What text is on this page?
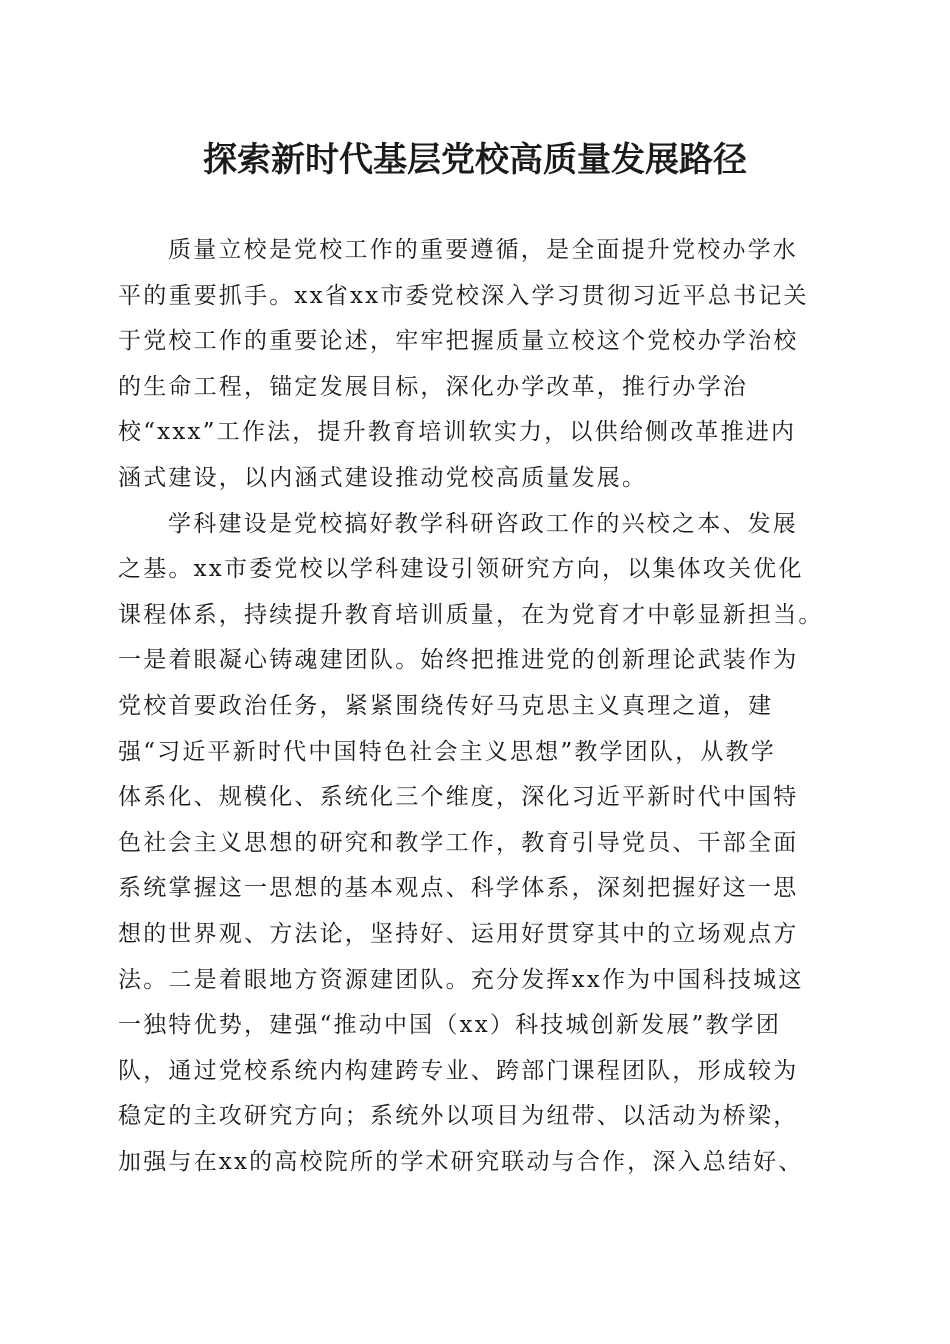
探索新时代基层党校高质量发展路径
质量立校是党校工作的重要遵循，是全面提升党校办学水
平的重要抓手。xx省xx市委党校深入学习贯彻习近平总书记关
于党校工作的重要论述，牢牢把握质量立校这个党校办学治校
的生命工程，锚定发展目标，深化办学改革，推行办学治
校“xxx”工作法，提升教育培训软实力，以供给侧改革推进内
涵式建设，以内涵式建设推动党校高质量发展。
学科建设是党校搞好教学科研咨政工作的兴校之本、发展
之基。xx市委党校以学科建设引领研究方向，以集体攻关优化
课程体系，持续提升教育培训质量，在为党育才中彰显新担当。
一是着眼凝心铸魂建团队。始终把推进党的创新理论武装作为
党校首要政治任务，紧紧围绕传好马克思主义真理之道，建
强“习近平新时代中国特色社会主义思想”教学团队，从教学
体系化、规模化、系统化三个维度，深化习近平新时代中国特
色社会主义思想的研究和教学工作，教育引导党员、干部全面
系统掌握这一思想的基本观点、科学体系，深刻把握好这一思
想的世界观、方法论，坚持好、运用好贯穿其中的立场观点方
法。二是着眼地方资源建团队。充分发挥xx作为中国科技城这
一独特优势，建强“推动中国（xx）科技城创新发展”教学团
队，通过党校系统内构建跨专业、跨部门课程团队，形成较为
稳定的主攻研究方向；系统外以项目为纽带、以活动为桥梁，
加强与在xx的高校院所的学术研究联动与合作，深入总结好、
